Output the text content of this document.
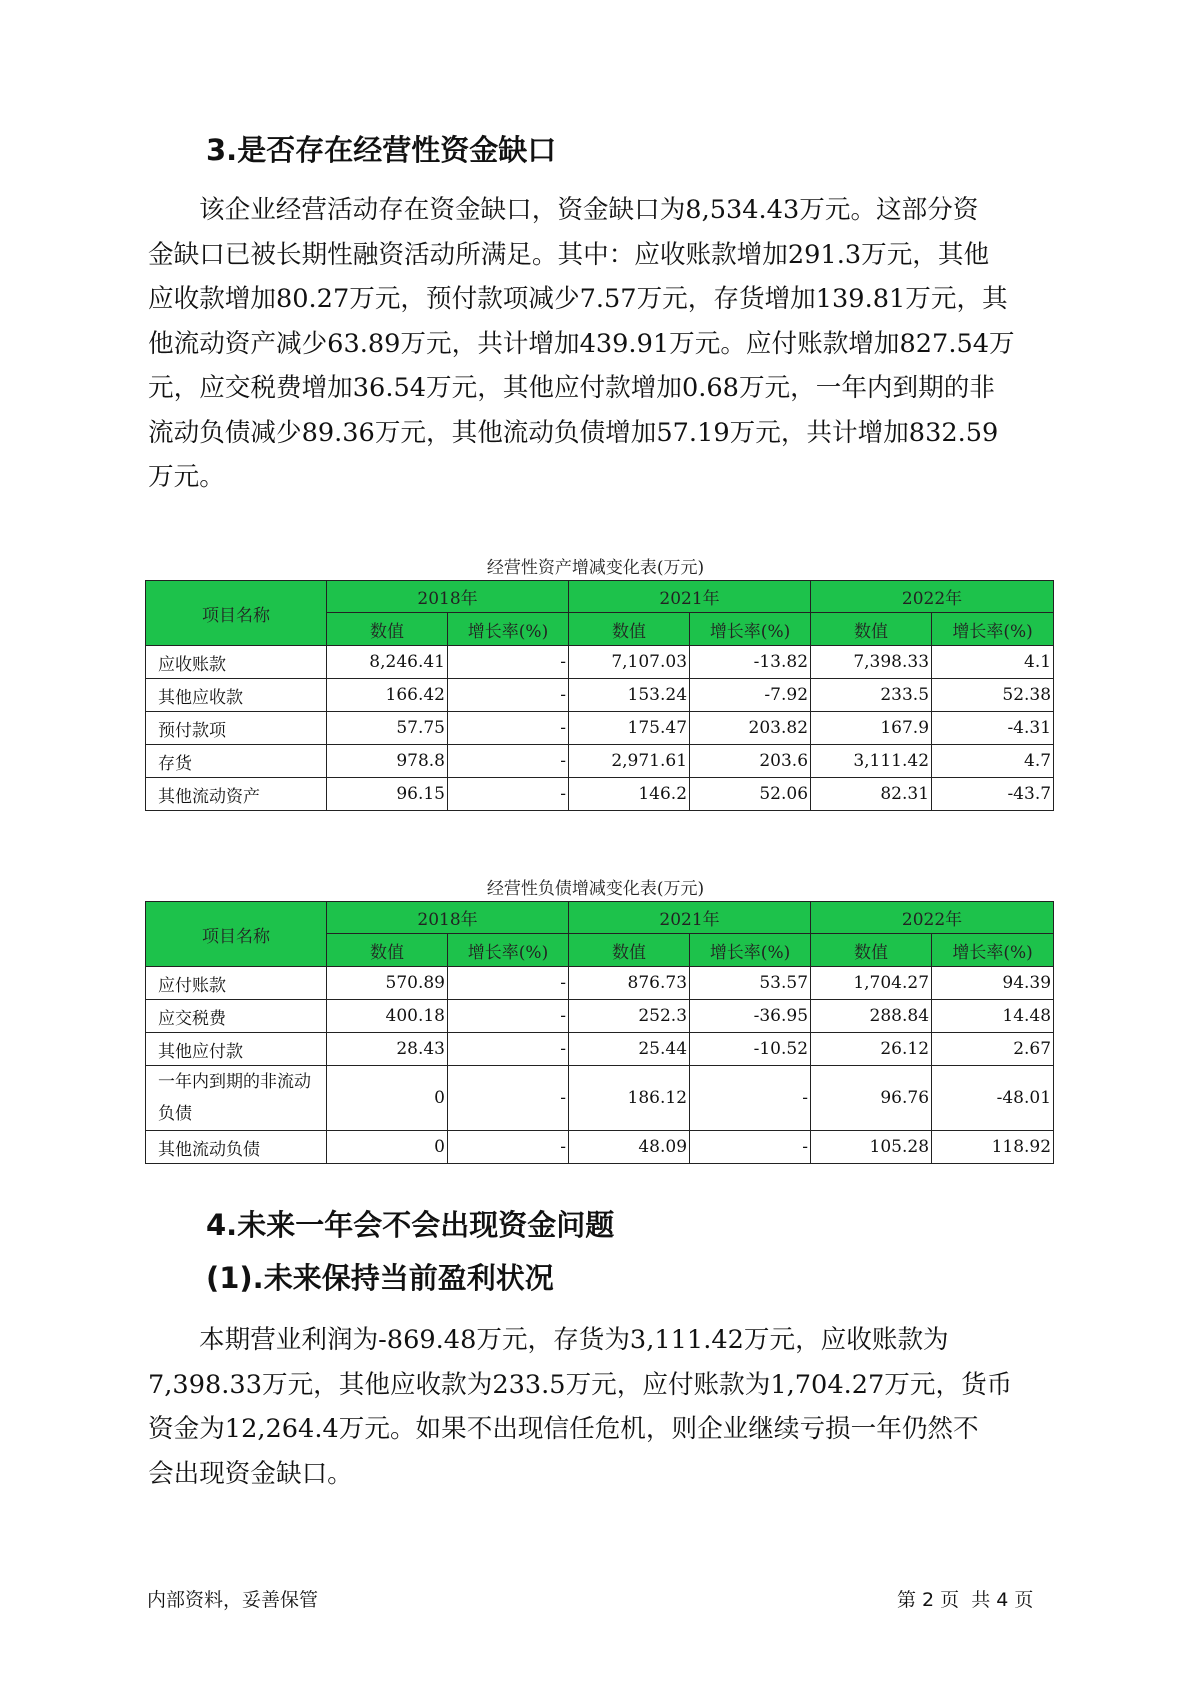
3.是否存在经营性资金缺口

该企业经营活动存在资金缺口，资金缺口为8,534.43万元。这部分资

金缺口已被长期性融资活动所满足。其中：应收账款增加291.3万元，其他

应收款增加80.27万元，预付款项减少7.57万元，存货增加139.81万元，其

他流动资产减少63.89万元，共计增加439.91万元。应付账款增加827.54万

元，应交税费增加36.54万元，其他应付款增加0.68万元，一年内到期的非

流动负债减少89.36万元，其他流动负债增加57.19万元，共计增加832.59

万元。

经营性资产增减变化表(万元)
项目名称	2018年		2021年		2022年	
	数值	增长率(%)	数值	增长率(%)	数值	增长率(%)
应收账款	8,246.41	-	7,107.03	-13.82	7,398.33	4.1
其他应收款	166.42	-	153.24	-7.92	233.5	52.38
预付款项	57.75	-	175.47	203.82	167.9	-4.31
存货	978.8	-	2,971.61	203.6	3,111.42	4.7
其他流动资产	96.15	-	146.2	52.06	82.31	-43.7
经营性负债增减变化表(万元)
项目名称	2018年		2021年		2022年	
	数值	增长率(%)	数值	增长率(%)	数值	增长率(%)
应付账款	570.89	-	876.73	53.57	1,704.27	94.39
应交税费	400.18	-	252.3	-36.95	288.84	14.48
其他应付款	28.43	-	25.44	-10.52	26.12	2.67
一年内到期的非流动负债	0	-	186.12	-	96.76	-48.01
其他流动负债	0	-	48.09	-	105.28	118.92
4.未来一年会不会出现资金问题
(1).未来保持当前盈利状况

本期营业利润为-869.48万元，存货为3,111.42万元，应收账款为

7,398.33万元，其他应收款为233.5万元，应付账款为1,704.27万元，货币

资金为12,264.4万元。如果不出现信任危机，则企业继续亏损一年仍然不

会出现资金缺口。

内部资料，妥善保管	第 2 页  共 4 页
